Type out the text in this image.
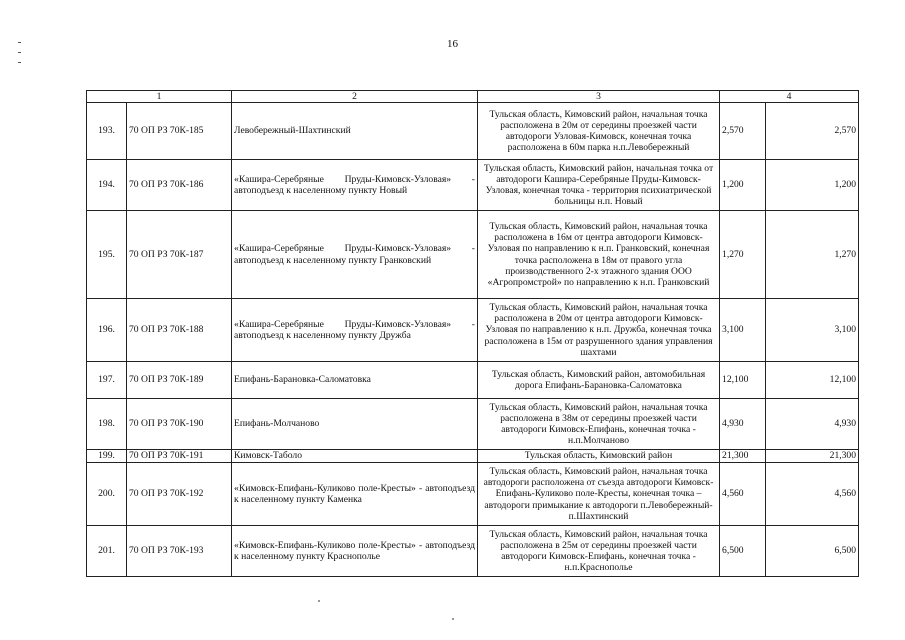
16
1		2	3	4	
193.	70 ОП РЗ 70К-185	Левобережный-Шахтинский	Тульская область, Кимовский район, начальная точка расположена в 20м от середины проезжей части автодороги Узловая-Кимовск, конечная точка расположена в 60м парка н.п.Левобережный	2,570	2,570
194.	70 ОП РЗ 70К-186	«Кашира-Серебряные Пруды-Кимовск-Узловая» - автоподъезд к населенному пункту Новый	Тульская область, Кимовский район, начальная точка от автодороги Кашира-Серебряные Пруды-Кимовск-Узловая, конечная точка - территория психиатрической больницы н.п. Новый	1,200	1,200
195.	70 ОП РЗ 70К-187	«Кашира-Серебряные Пруды-Кимовск-Узловая» - автоподъезд к населенному пункту Гранковский	Тульская область, Кимовский район, начальная точка расположена в 16м от центра автодороги Кимовск-Узловая по направлению к н.п. Гранковский, конечная точка расположена в 18м от правого угла производственного 2-х этажного здания ООО «Агропромстрой» по направлению к н.п. Гранковский	1,270	1,270
196.	70 ОП РЗ 70К-188	«Кашира-Серебряные Пруды-Кимовск-Узловая» - автоподъезд к населенному пункту Дружба	Тульская область, Кимовский район, начальная точка расположена в 20м от центра автодороги Кимовск-Узловая по направлению к н.п. Дружба, конечная точка расположена в 15м от разрушенного здания управления шахтами	3,100	3,100
197.	70 ОП РЗ 70К-189	Епифань-Барановка-Саломатовка	Тульская область, Кимовский район, автомобильная дорога Епифань-Барановка-Саломатовка	12,100	12,100
198.	70 ОП РЗ 70К-190	Епифань-Молчаново	Тульская область, Кимовский район, начальная точка расположена в 38м от середины проезжей части автодороги Кимовск-Епифань, конечная точка - н.п.Молчаново	4,930	4,930
199.	70 ОП РЗ 70К-191	Кимовск-Таболо	Тульская область, Кимовский район	21,300	21,300
200.	70 ОП РЗ 70К-192	«Кимовск-Епифань-Куликово поле-Кресты» - автоподъезд к населенному пункту Каменка	Тульская область, Кимовский район, начальная точка автодороги расположена от съезда автодороги Кимовск-Епифань-Куликово поле-Кресты, конечная точка – автодороги примыкание к автодороги п.Левобережный-п.Шахтинский	4,560	4,560
201.	70 ОП РЗ 70К-193	«Кимовск-Епифань-Куликово поле-Кресты» - автоподъезд к населенному пункту Краснополье	Тульская область, Кимовский район, начальная точка расположена в 25м от середины проезжей части автодороги Кимовск-Епифань, конечная точка - н.п.Краснополье	6,500	6,500
